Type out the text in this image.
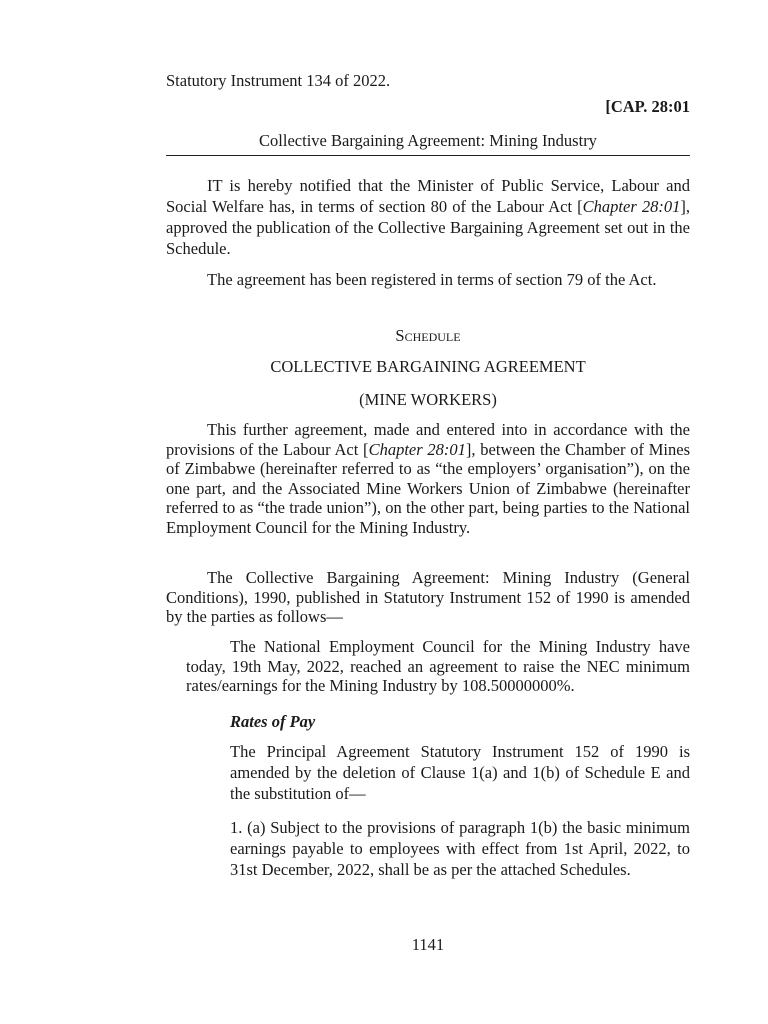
Statutory Instrument 134 of 2022.

[CAP. 28:01

Collective Bargaining Agreement: Mining Industry

IT is hereby notified that the Minister of Public Service, Labour and Social Welfare has, in terms of section 80 of the Labour Act [Chapter 28:01], approved the publication of the Collective Bargaining Agreement set out in the Schedule.

The agreement has been registered in terms of section 79 of the Act.

Schedule

COLLECTIVE BARGAINING AGREEMENT

(MINE WORKERS)

This further agreement, made and entered into in accordance with the provisions of the Labour Act [Chapter 28:01], between the Chamber of Mines of Zimbabwe (hereinafter referred to as “the employers’ organisation”), on the one part, and the Associated Mine Workers Union of Zimbabwe (hereinafter referred to as “the trade union”), on the other part, being parties to the National Employment Council for the Mining Industry.

The Collective Bargaining Agreement: Mining Industry (General Conditions), 1990, published in Statutory Instrument 152 of 1990 is amended by the parties as follows—

The National Employment Council for the Mining Industry have today, 19th May, 2022, reached an agreement to raise the NEC minimum rates/earnings for the Mining Industry by 108.50000000%.

Rates of Pay

The Principal Agreement Statutory Instrument 152 of 1990 is amended by the deletion of Clause 1(a) and 1(b) of Schedule E and the substitution of—

1. (a) Subject to the provisions of paragraph 1(b) the basic minimum earnings payable to employees with effect from 1st April, 2022, to 31st December, 2022, shall be as per the attached Schedules.

1141
